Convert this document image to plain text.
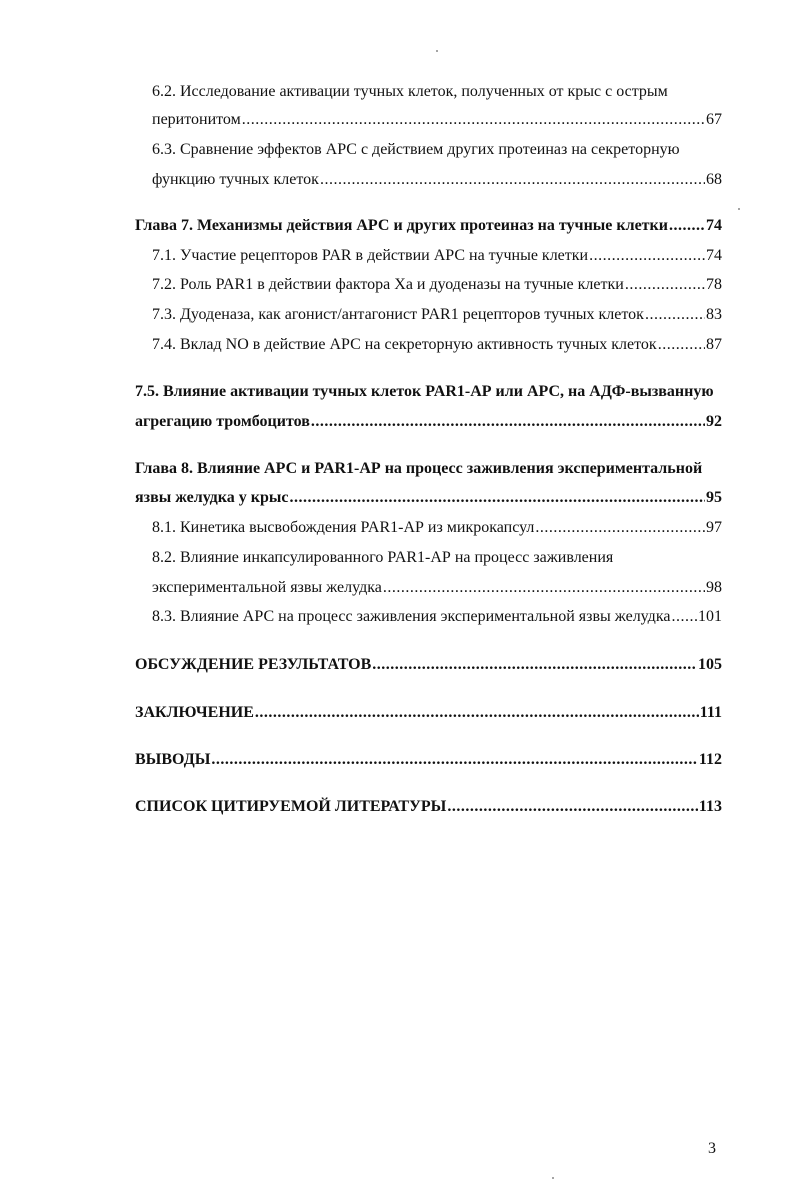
6.2. Исследование активации тучных клеток, полученных от крыс с острым
перитонитом .....	67
6.3. Сравнение эффектов АРС с действием других протеиназ на секреторную
функцию тучных клеток .....	68
Глава 7. Механизмы действия АРС и других протеиназ на тучные клетки ..... 74
7.1. Участие рецепторов PAR в действии АРС на тучные клетки .....	74
7.2. Роль PAR1 в действии фактора Xa и дуоденазы на тучные клетки .....	78
7.3. Дуоденаза, как агонист/антагонист PAR1 рецепторов тучных клеток .....	83
7.4. Вклад NO в действие АРС на секреторную активность тучных клеток .....	87
7.5. Влияние активации тучных клеток PAR1-АР или АРС, на АДФ-вызванную
агрегацию тромбоцитов .....	92
Глава 8. Влияние АРС и PAR1-АР на процесс заживления экспериментальной
язвы желудка у крыс .....	95
8.1. Кинетика высвобождения PAR1-АР из микрокапсул .....	97
8.2. Влияние инкапсулированного PAR1-АР на процесс заживления
экспериментальной язвы желудка .....	98
8.3. Влияние АРС на процесс заживления экспериментальной язвы желудка ..... 101
ОБСУЖДЕНИЕ РЕЗУЛЬТАТОВ .....	105
ЗАКЛЮЧЕНИЕ .....	111
ВЫВОДЫ .....	112
СПИСОК ЦИТИРУЕМОЙ ЛИТЕРАТУРЫ .....	113
3
